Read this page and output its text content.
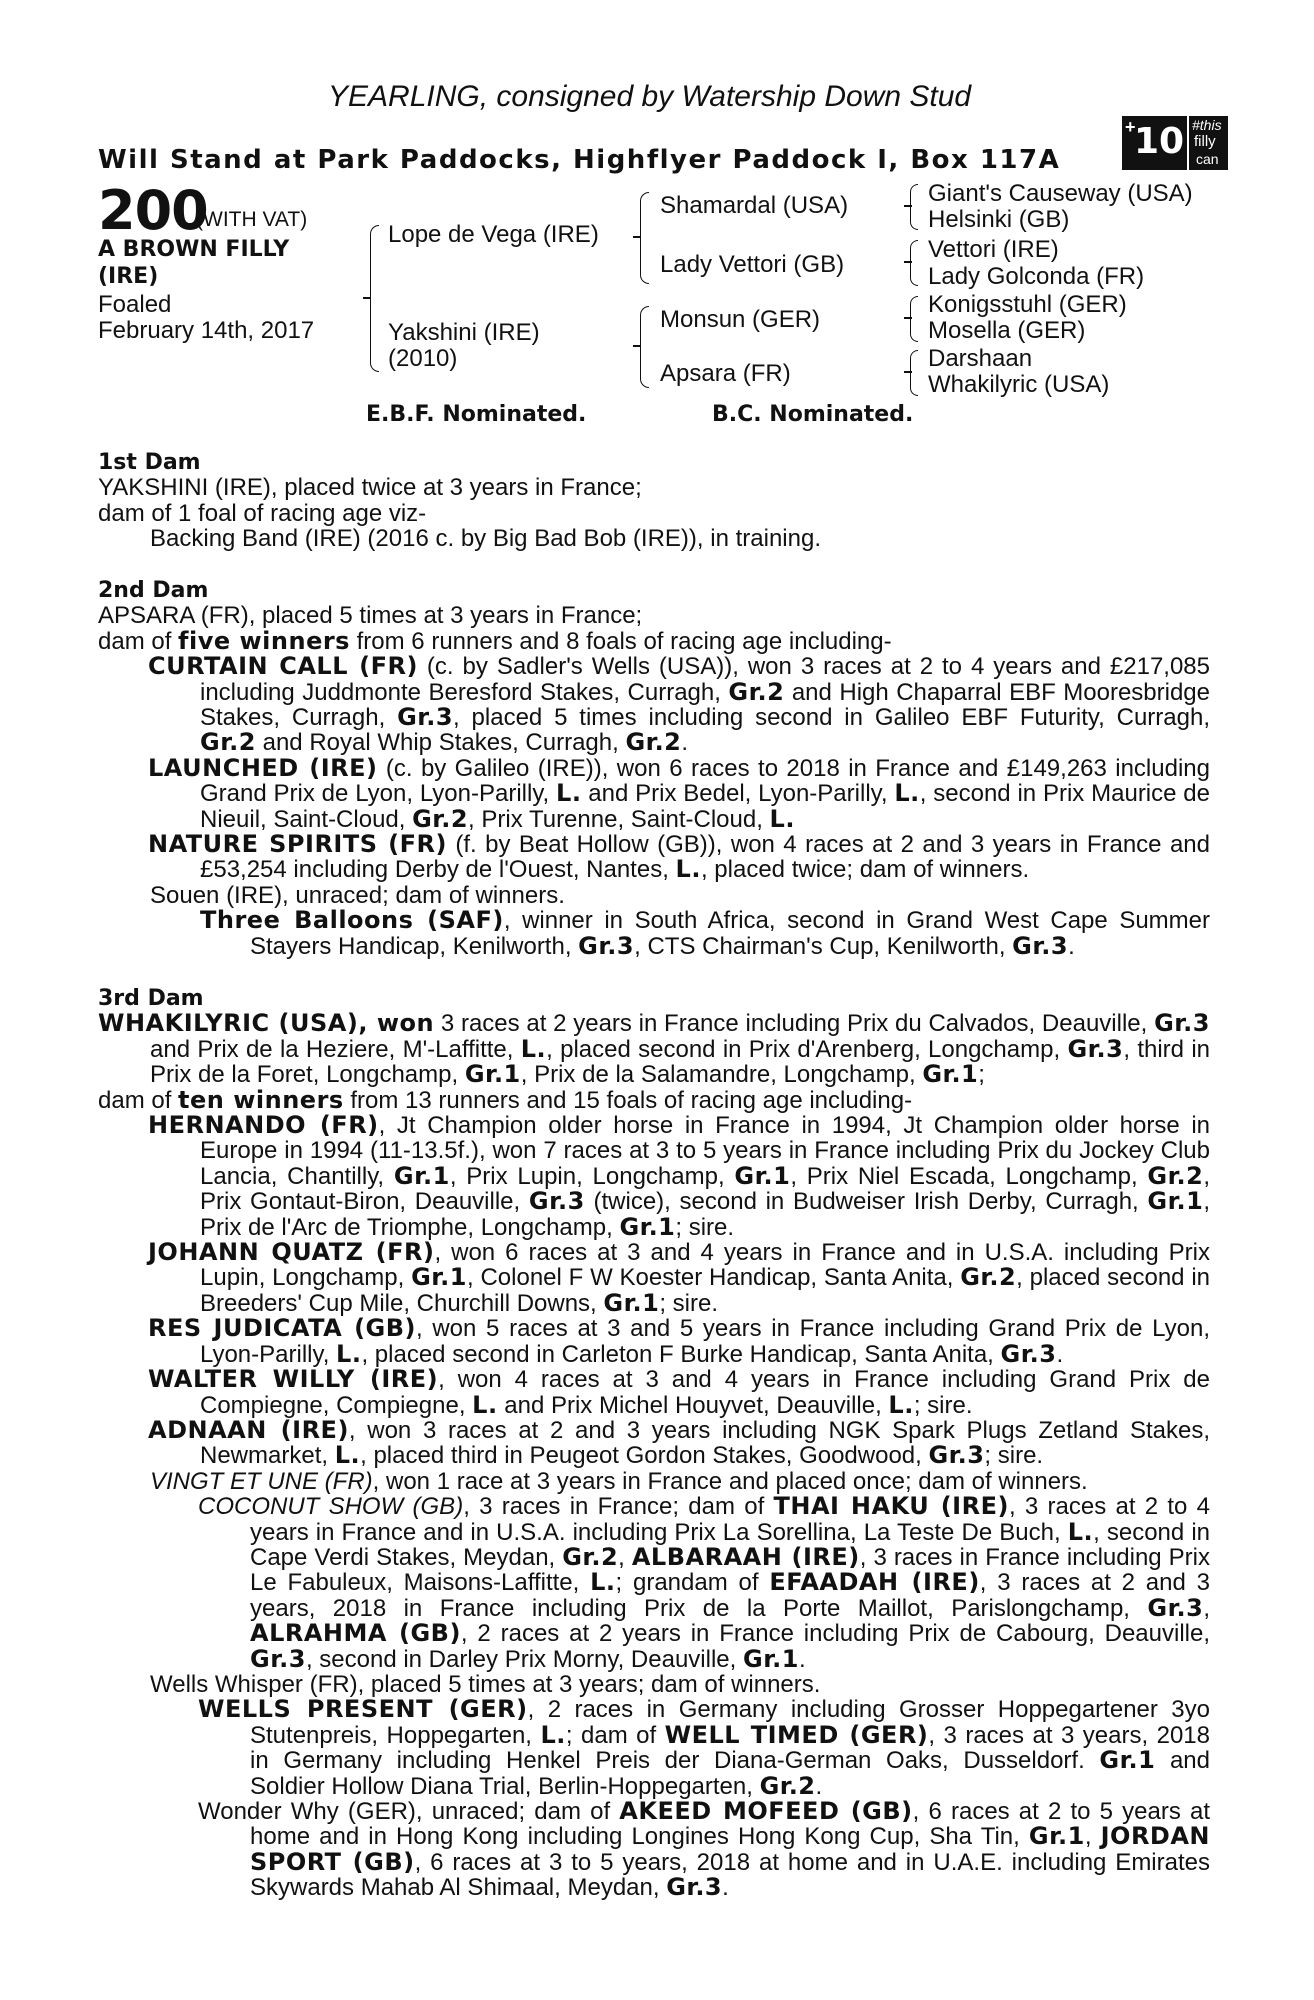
YEARLING, consigned by Watership Down Stud
Will Stand at Park Paddocks, Highflyer Paddock I, Box 117A
+
10 #this
filly
can
200
(WITH VAT)
A BROWN FILLY
(IRE)
Foaled
February 14th, 2017
Lope de Vega (IRE)
Yakshini (IRE)
(2010)
Shamardal (USA)
Lady Vettori (GB)
Monsun (GER)
Apsara (FR)
Giant's Causeway (USA)
Helsinki (GB)
Vettori (IRE)
Lady Golconda (FR)
Konigsstuhl (GER)
Mosella (GER)
Darshaan
Whakilyric (USA)
E.B.F. Nominated.	B.C. Nominated.
1st Dam
YAKSHINI (IRE), placed twice at 3 years in France;
dam of 1 foal of racing age viz-
Backing Band (IRE) (2016 c. by Big Bad Bob (IRE)), in training.
2nd Dam
APSARA (FR), placed 5 times at 3 years in France;
dam of five winners from 6 runners and 8 foals of racing age including-
CURTAIN CALL (FR) (c. by Sadler's Wells (USA)), won 3 races at 2 to 4 years and £217,085 including Juddmonte Beresford Stakes, Curragh, Gr.2 and High Chaparral EBF Mooresbridge Stakes, Curragh, Gr.3, placed 5 times including second in Galileo EBF Futurity, Curragh, Gr.2 and Royal Whip Stakes, Curragh, Gr.2.
LAUNCHED (IRE) (c. by Galileo (IRE)), won 6 races to 2018 in France and £149,263 including Grand Prix de Lyon, Lyon-Parilly, L. and Prix Bedel, Lyon-Parilly, L., second in Prix Maurice de Nieuil, Saint-Cloud, Gr.2, Prix Turenne, Saint-Cloud, L.
NATURE SPIRITS (FR) (f. by Beat Hollow (GB)), won 4 races at 2 and 3 years in France and £53,254 including Derby de l'Ouest, Nantes, L., placed twice; dam of winners.
Souen (IRE), unraced; dam of winners.
Three Balloons (SAF), winner in South Africa, second in Grand West Cape Summer Stayers Handicap, Kenilworth, Gr.3, CTS Chairman's Cup, Kenilworth, Gr.3.
3rd Dam
WHAKILYRIC (USA), won 3 races at 2 years in France including Prix du Calvados, Deauville, Gr.3 and Prix de la Heziere, M'-Laffitte, L., placed second in Prix d'Arenberg, Longchamp, Gr.3, third in Prix de la Foret, Longchamp, Gr.1, Prix de la Salamandre, Longchamp, Gr.1;
dam of ten winners from 13 runners and 15 foals of racing age including-
HERNANDO (FR), Jt Champion older horse in France in 1994, Jt Champion older horse in Europe in 1994 (11-13.5f.), won 7 races at 3 to 5 years in France including Prix du Jockey Club Lancia, Chantilly, Gr.1, Prix Lupin, Longchamp, Gr.1, Prix Niel Escada, Longchamp, Gr.2, Prix Gontaut-Biron, Deauville, Gr.3 (twice), second in Budweiser Irish Derby, Curragh, Gr.1, Prix de l'Arc de Triomphe, Longchamp, Gr.1; sire.
JOHANN QUATZ (FR), won 6 races at 3 and 4 years in France and in U.S.A. including Prix Lupin, Longchamp, Gr.1, Colonel F W Koester Handicap, Santa Anita, Gr.2, placed second in Breeders' Cup Mile, Churchill Downs, Gr.1; sire.
RES JUDICATA (GB), won 5 races at 3 and 5 years in France including Grand Prix de Lyon, Lyon-Parilly, L., placed second in Carleton F Burke Handicap, Santa Anita, Gr.3.
WALTER WILLY (IRE), won 4 races at 3 and 4 years in France including Grand Prix de Compiegne, Compiegne, L. and Prix Michel Houyvet, Deauville, L.; sire.
ADNAAN (IRE), won 3 races at 2 and 3 years including NGK Spark Plugs Zetland Stakes, Newmarket, L., placed third in Peugeot Gordon Stakes, Goodwood, Gr.3; sire.
VINGT ET UNE (FR), won 1 race at 3 years in France and placed once; dam of winners.
COCONUT SHOW (GB), 3 races in France; dam of THAI HAKU (IRE), 3 races at 2 to 4 years in France and in U.S.A. including Prix La Sorellina, La Teste De Buch, L., second in Cape Verdi Stakes, Meydan, Gr.2, ALBARAAH (IRE), 3 races in France including Prix Le Fabuleux, Maisons-Laffitte, L.; grandam of EFAADAH (IRE), 3 races at 2 and 3 years, 2018 in France including Prix de la Porte Maillot, Parislongchamp, Gr.3, ALRAHMA (GB), 2 races at 2 years in France including Prix de Cabourg, Deauville, Gr.3, second in Darley Prix Morny, Deauville, Gr.1.
Wells Whisper (FR), placed 5 times at 3 years; dam of winners.
WELLS PRESENT (GER), 2 races in Germany including Grosser Hoppegartener 3yo Stutenpreis, Hoppegarten, L.; dam of WELL TIMED (GER), 3 races at 3 years, 2018 in Germany including Henkel Preis der Diana-German Oaks, Dusseldorf. Gr.1 and Soldier Hollow Diana Trial, Berlin-Hoppegarten, Gr.2.
Wonder Why (GER), unraced; dam of AKEED MOFEED (GB), 6 races at 2 to 5 years at home and in Hong Kong including Longines Hong Kong Cup, Sha Tin, Gr.1, JORDAN SPORT (GB), 6 races at 3 to 5 years, 2018 at home and in U.A.E. including Emirates Skywards Mahab Al Shimaal, Meydan, Gr.3.
